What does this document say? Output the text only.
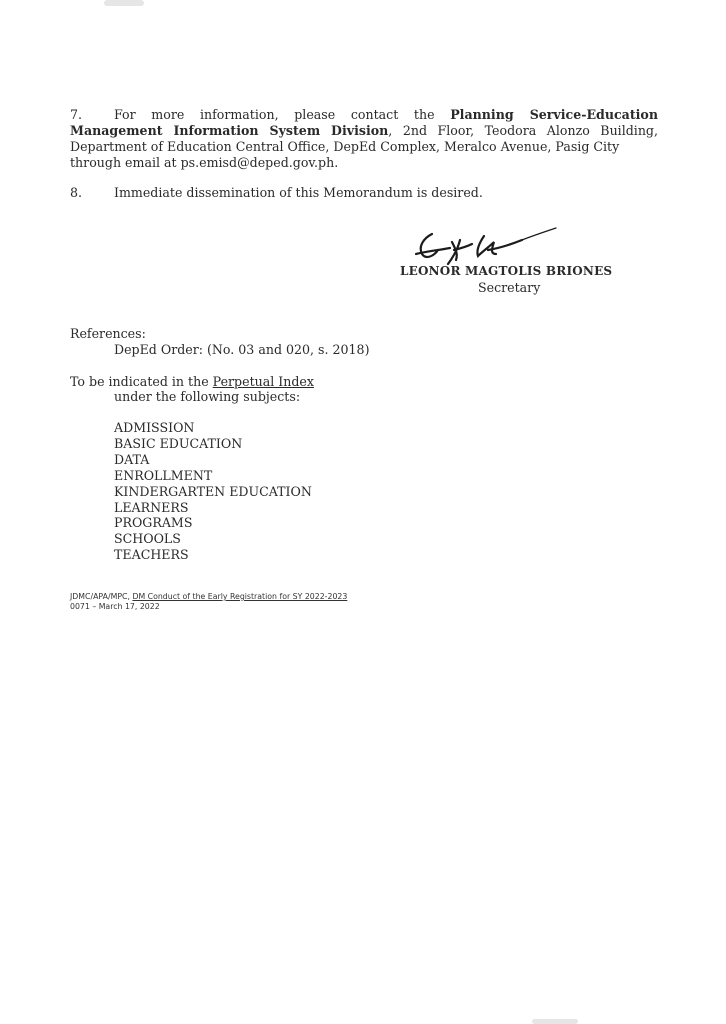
7.	For more information, please contact the Planning Service-Education Management Information System Division, 2nd Floor, Teodora Alonzo Building, Department of Education Central Office, DepEd Complex, Meralco Avenue, Pasig City
through email at ps.emisd@deped.gov.ph.
8.	Immediate dissemination of this Memorandum is desired.
LEONOR MAGTOLIS BRIONES
Secretary
References:
DepEd Order: (No. 03 and 020, s. 2018)
To be indicated in the Perpetual Index
under the following subjects:
ADMISSION
BASIC EDUCATION
DATA
ENROLLMENT
KINDERGARTEN EDUCATION
LEARNERS
PROGRAMS
SCHOOLS
TEACHERS
JDMC/APA/MPC, DM Conduct of the Early Registration for SY 2022-2023
0071 – March 17, 2022
